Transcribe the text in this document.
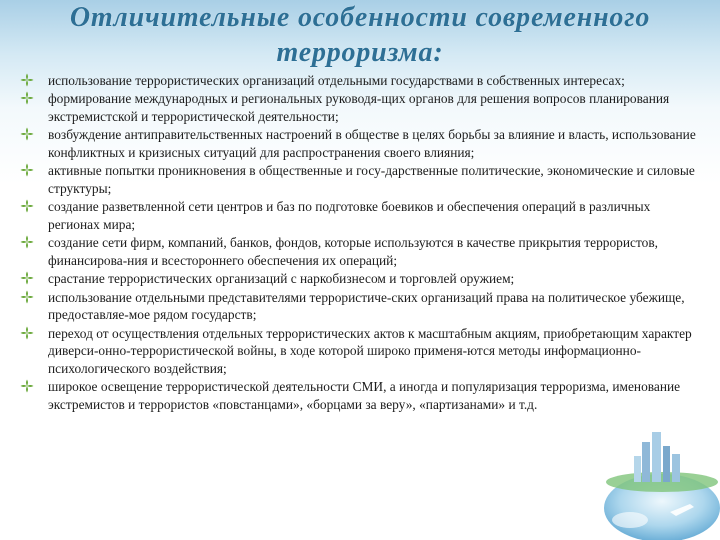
Отличительные особенности современного терроризма:
использование террористических организаций отдельными государствами в собственных интересах;
формирование международных и региональных руководя-щих органов для решения вопросов планирования экстремистской и террористической деятельности;
возбуждение антиправительственных настроений в обществе в целях борьбы за влияние и власть, использование конфликтных и кризисных ситуаций для распространения своего влияния;
активные попытки проникновения в общественные и госу-дарственные политические, экономические и силовые структуры;
создание разветвленной сети центров и баз по подготовке боевиков и обеспечения операций в различных регионах мира;
создание сети фирм, компаний, банков, фондов, которые используются в качестве прикрытия террористов, финансирова-ния и всестороннего обеспечения их операций;
срастание террористических организаций с наркобизнесом и торговлей оружием;
использование отдельными представителями террористиче-ских организаций права на политическое убежище, предоставляе-мое рядом государств;
переход от осуществления отдельных террористических актов к масштабным акциям, приобретающим характер диверси-онно-террористической войны, в ходе которой широко применя-ются методы информационно-психологического воздействия;
широкое освещение террористической деятельности СМИ, а иногда и популяризация терроризма, именование экстремистов и террористов «повстанцами», «борцами за веру», «партизанами» и т.д.
